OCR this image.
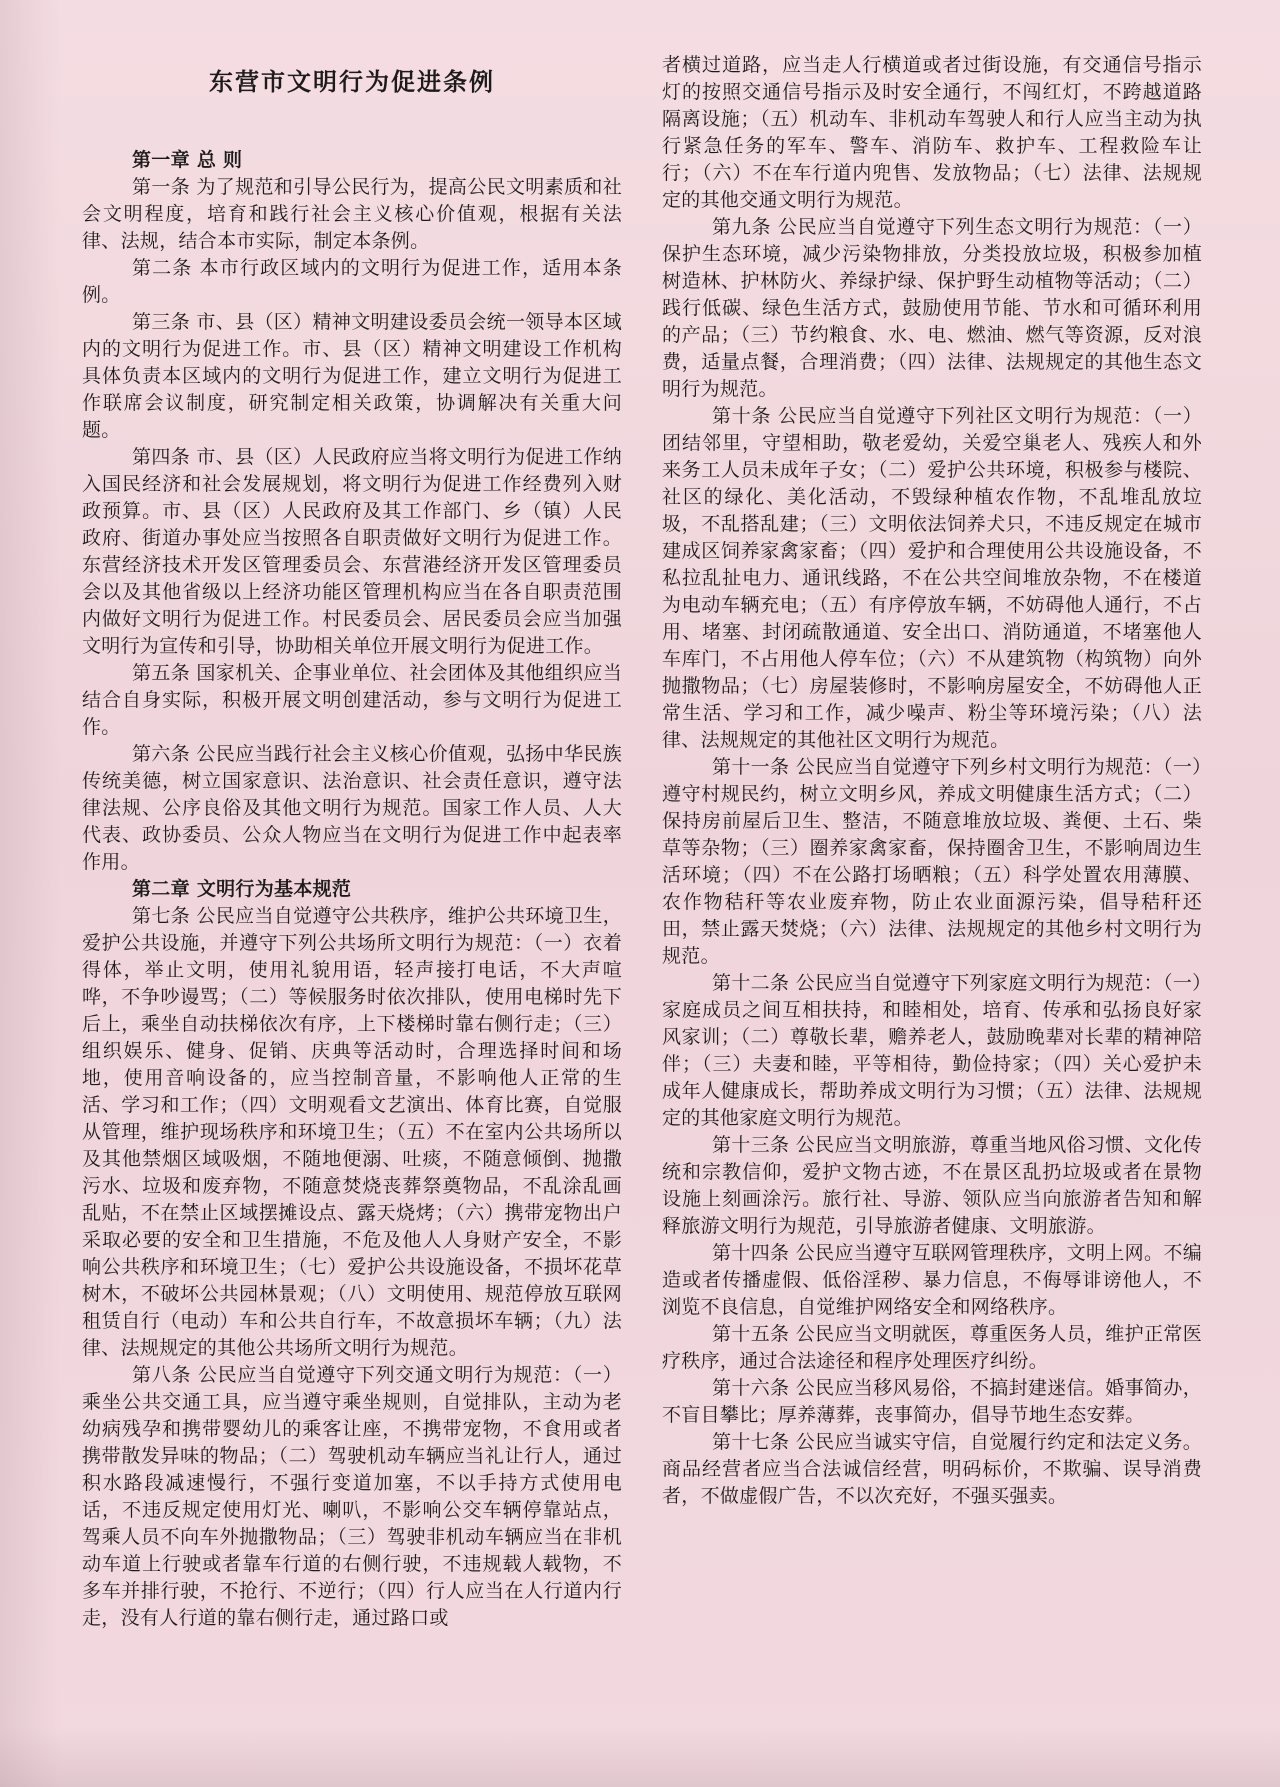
东营市文明行为促进条例
第一章 总 则

第一条 为了规范和引导公民行为，提高公民文明素质和社会文明程度，培育和践行社会主义核心价值观，根据有关法律、法规，结合本市实际，制定本条例。

第二条 本市行政区域内的文明行为促进工作，适用本条例。

第三条 市、县（区）精神文明建设委员会统一领导本区域内的文明行为促进工作。市、县（区）精神文明建设工作机构具体负责本区域内的文明行为促进工作，建立文明行为促进工作联席会议制度，研究制定相关政策，协调解决有关重大问题。

第四条 市、县（区）人民政府应当将文明行为促进工作纳入国民经济和社会发展规划，将文明行为促进工作经费列入财政预算。市、县（区）人民政府及其工作部门、乡（镇）人民政府、街道办事处应当按照各自职责做好文明行为促进工作。东营经济技术开发区管理委员会、东营港经济开发区管理委员会以及其他省级以上经济功能区管理机构应当在各自职责范围内做好文明行为促进工作。村民委员会、居民委员会应当加强文明行为宣传和引导，协助相关单位开展文明行为促进工作。

第五条 国家机关、企事业单位、社会团体及其他组织应当结合自身实际，积极开展文明创建活动，参与文明行为促进工作。

第六条 公民应当践行社会主义核心价值观，弘扬中华民族传统美德，树立国家意识、法治意识、社会责任意识，遵守法律法规、公序良俗及其他文明行为规范。国家工作人员、人大代表、政协委员、公众人物应当在文明行为促进工作中起表率作用。

第二章 文明行为基本规范

第七条 公民应当自觉遵守公共秩序，维护公共环境卫生，爱护公共设施，并遵守下列公共场所文明行为规范：（一）衣着得体，举止文明，使用礼貌用语，轻声接打电话，不大声喧哗，不争吵谩骂；（二）等候服务时依次排队，使用电梯时先下后上，乘坐自动扶梯依次有序，上下楼梯时靠右侧行走；（三）组织娱乐、健身、促销、庆典等活动时，合理选择时间和场地，使用音响设备的，应当控制音量，不影响他人正常的生活、学习和工作；（四）文明观看文艺演出、体育比赛，自觉服从管理，维护现场秩序和环境卫生；（五）不在室内公共场所以及其他禁烟区域吸烟，不随地便溺、吐痰，不随意倾倒、抛撒污水、垃圾和废弃物，不随意焚烧丧葬祭奠物品，不乱涂乱画乱贴，不在禁止区域摆摊设点、露天烧烤；（六）携带宠物出户采取必要的安全和卫生措施，不危及他人人身财产安全，不影响公共秩序和环境卫生；（七）爱护公共设施设备，不损坏花草树木，不破坏公共园林景观；（八）文明使用、规范停放互联网租赁自行（电动）车和公共自行车，不故意损坏车辆；（九）法律、法规规定的其他公共场所文明行为规范。

第八条 公民应当自觉遵守下列交通文明行为规范：（一）乘坐公共交通工具，应当遵守乘坐规则，自觉排队，主动为老幼病残孕和携带婴幼儿的乘客让座，不携带宠物，不食用或者携带散发异味的物品；（二）驾驶机动车辆应当礼让行人，通过积水路段减速慢行，不强行变道加塞，不以手持方式使用电话，不违反规定使用灯光、喇叭，不影响公交车辆停靠站点，驾乘人员不向车外抛撒物品；（三）驾驶非机动车辆应当在非机动车道上行驶或者靠车行道的右侧行驶，不违规载人载物，不多车并排行驶，不抢行、不逆行；（四）行人应当在人行道内行走，没有人行道的靠右侧行走，通过路口或

者横过道路，应当走人行横道或者过街设施，有交通信号指示灯的按照交通信号指示及时安全通行，不闯红灯，不跨越道路隔离设施；（五）机动车、非机动车驾驶人和行人应当主动为执行紧急任务的军车、警车、消防车、救护车、工程救险车让行；（六）不在车行道内兜售、发放物品；（七）法律、法规规定的其他交通文明行为规范。

第九条 公民应当自觉遵守下列生态文明行为规范：（一）保护生态环境，减少污染物排放，分类投放垃圾，积极参加植树造林、护林防火、养绿护绿、保护野生动植物等活动；（二）践行低碳、绿色生活方式，鼓励使用节能、节水和可循环利用的产品；（三）节约粮食、水、电、燃油、燃气等资源，反对浪费，适量点餐，合理消费；（四）法律、法规规定的其他生态文明行为规范。

第十条 公民应当自觉遵守下列社区文明行为规范：（一）团结邻里，守望相助，敬老爱幼，关爱空巢老人、残疾人和外来务工人员未成年子女；（二）爱护公共环境，积极参与楼院、社区的绿化、美化活动，不毁绿种植农作物，不乱堆乱放垃圾，不乱搭乱建；（三）文明依法饲养犬只，不违反规定在城市建成区饲养家禽家畜；（四）爱护和合理使用公共设施设备，不私拉乱扯电力、通讯线路，不在公共空间堆放杂物，不在楼道为电动车辆充电；（五）有序停放车辆，不妨碍他人通行，不占用、堵塞、封闭疏散通道、安全出口、消防通道，不堵塞他人车库门，不占用他人停车位；（六）不从建筑物（构筑物）向外抛撒物品；（七）房屋装修时，不影响房屋安全，不妨碍他人正常生活、学习和工作，减少噪声、粉尘等环境污染；（八）法律、法规规定的其他社区文明行为规范。

第十一条 公民应当自觉遵守下列乡村文明行为规范：（一）遵守村规民约，树立文明乡风，养成文明健康生活方式；（二）保持房前屋后卫生、整洁，不随意堆放垃圾、粪便、土石、柴草等杂物；（三）圈养家禽家畜，保持圈舍卫生，不影响周边生活环境；（四）不在公路打场晒粮；（五）科学处置农用薄膜、农作物秸秆等农业废弃物，防止农业面源污染，倡导秸秆还田，禁止露天焚烧；（六）法律、法规规定的其他乡村文明行为规范。

第十二条 公民应当自觉遵守下列家庭文明行为规范：（一）家庭成员之间互相扶持，和睦相处，培育、传承和弘扬良好家风家训；（二）尊敬长辈，赡养老人，鼓励晚辈对长辈的精神陪伴；（三）夫妻和睦，平等相待，勤俭持家；（四）关心爱护未成年人健康成长，帮助养成文明行为习惯；（五）法律、法规规定的其他家庭文明行为规范。

第十三条 公民应当文明旅游，尊重当地风俗习惯、文化传统和宗教信仰，爱护文物古迹，不在景区乱扔垃圾或者在景物设施上刻画涂污。旅行社、导游、领队应当向旅游者告知和解释旅游文明行为规范，引导旅游者健康、文明旅游。

第十四条 公民应当遵守互联网管理秩序，文明上网。不编造或者传播虚假、低俗淫秽、暴力信息，不侮辱诽谤他人，不浏览不良信息，自觉维护网络安全和网络秩序。

第十五条 公民应当文明就医，尊重医务人员，维护正常医疗秩序，通过合法途径和程序处理医疗纠纷。

第十六条 公民应当移风易俗，不搞封建迷信。婚事简办，不盲目攀比；厚养薄葬，丧事简办，倡导节地生态安葬。

第十七条 公民应当诚实守信，自觉履行约定和法定义务。商品经营者应当合法诚信经营，明码标价，不欺骗、误导消费者，不做虚假广告，不以次充好，不强买强卖。
